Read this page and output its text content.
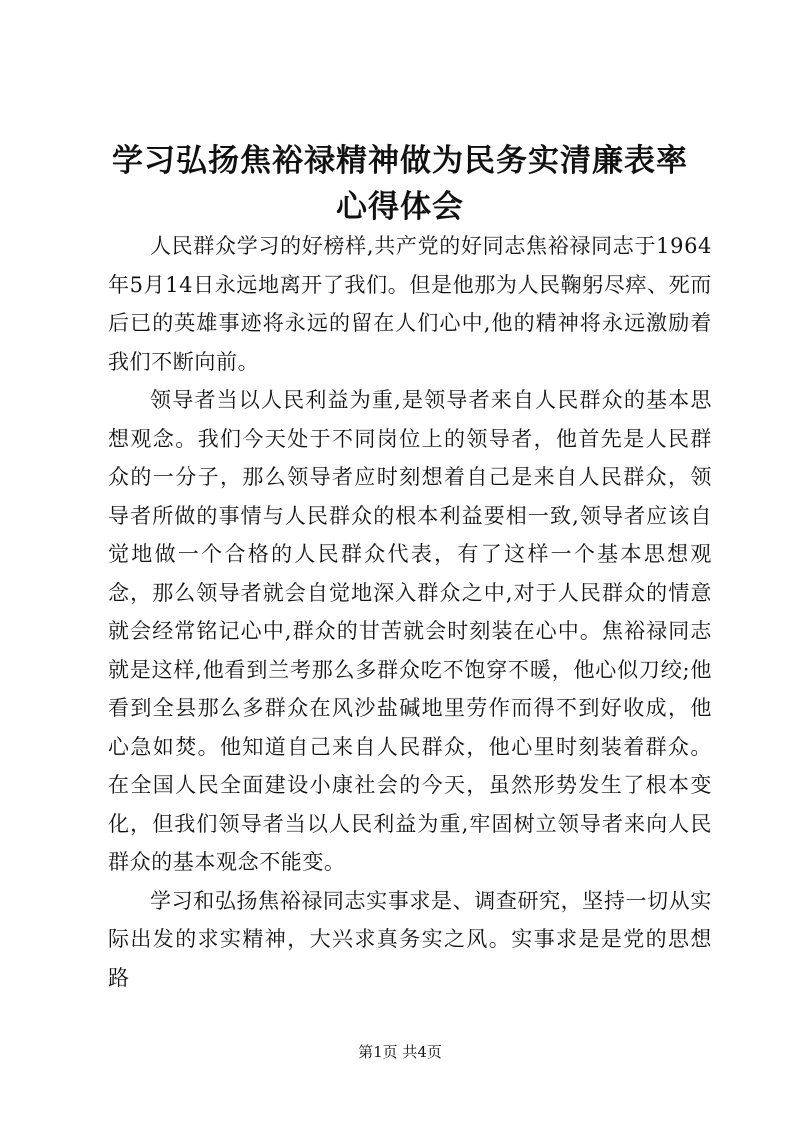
学习弘扬焦裕禄精神做为民务实清廉表率心得体会

人民群众学习的好榜样,共产党的好同志焦裕禄同志于1964年5月14日永远地离开了我们。但是他那为人民鞠躬尽瘁、死而后已的英雄事迹将永远的留在人们心中,他的精神将永远激励着我们不断向前。

领导者当以人民利益为重,是领导者来自人民群众的基本思想观念。我们今天处于不同岗位上的领导者，他首先是人民群众的一分子，那么领导者应时刻想着自己是来自人民群众，领导者所做的事情与人民群众的根本利益要相一致,领导者应该自觉地做一个合格的人民群众代表，有了这样一个基本思想观念，那么领导者就会自觉地深入群众之中,对于人民群众的情意就会经常铭记心中,群众的甘苦就会时刻装在心中。焦裕禄同志就是这样,他看到兰考那么多群众吃不饱穿不暖，他心似刀绞;他看到全县那么多群众在风沙盐碱地里劳作而得不到好收成，他心急如焚。他知道自己来自人民群众，他心里时刻装着群众。在全国人民全面建设小康社会的今天，虽然形势发生了根本变化，但我们领导者当以人民利益为重,牢固树立领导者来向人民群众的基本观念不能变。

学习和弘扬焦裕禄同志实事求是、调查研究，坚持一切从实际出发的求实精神，大兴求真务实之风。实事求是是党的思想路

第1页 共4页
